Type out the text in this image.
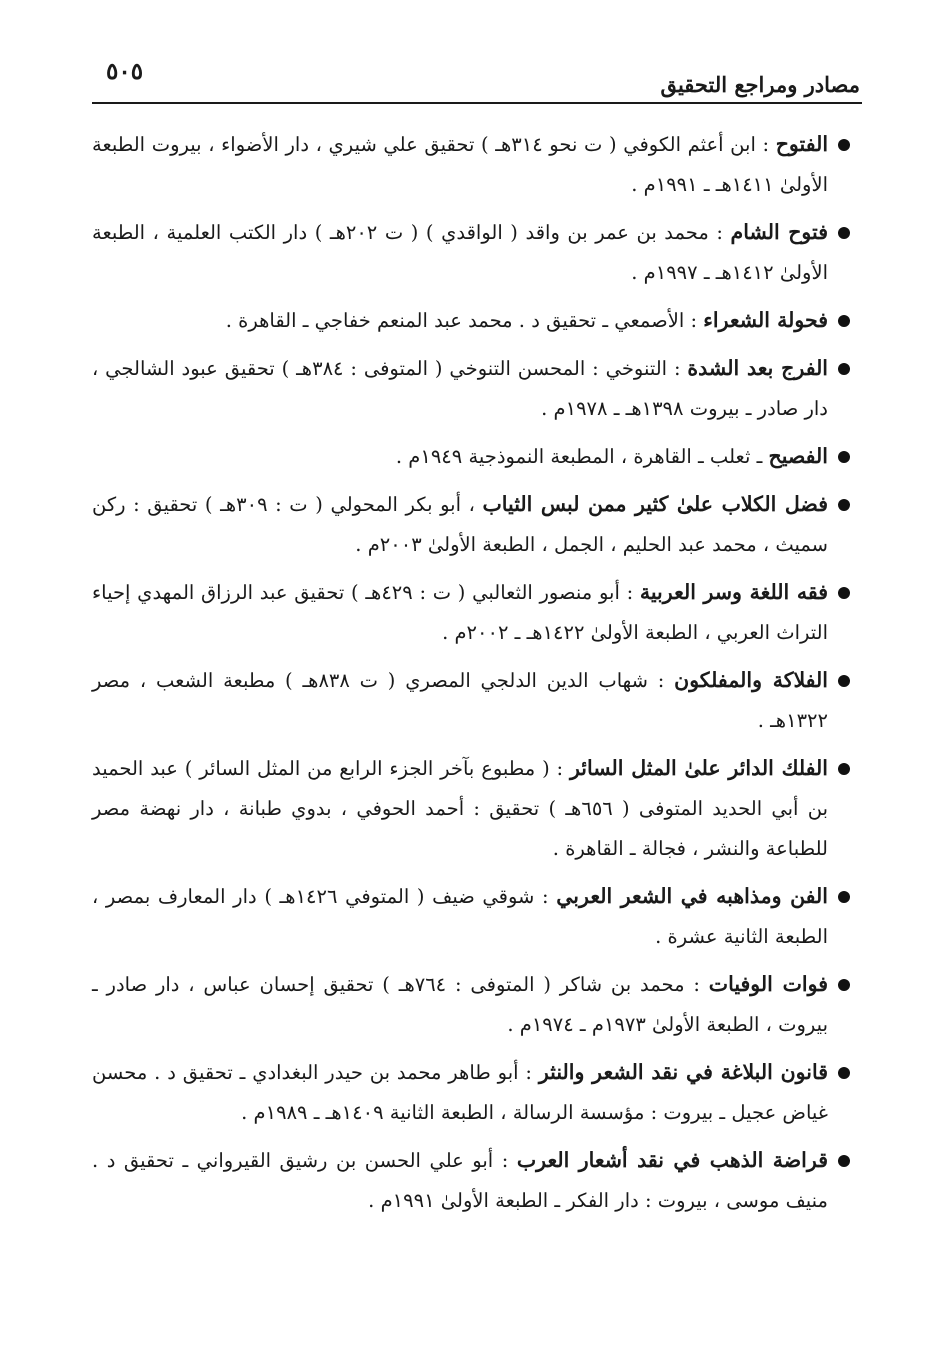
مصادر ومراجع التحقيق
٥٠٥
الفتوح : ابن أعثم الكوفي ( ت نحو ٣١٤هـ ) تحقيق علي شيري ، دار الأضواء ، بيروت الطبعة الأولىٰ ١٤١١هـ ـ ١٩٩١م .
فتوح الشام : محمد بن عمر بن واقد ( الواقدي ) ( ت ٢٠٢هـ ) دار الكتب العلمية ، الطبعة الأولىٰ ١٤١٢هـ ـ ١٩٩٧م .
فحولة الشعراء : الأصمعي ـ تحقيق د . محمد عبد المنعم خفاجي ـ القاهرة .
الفرج بعد الشدة : التنوخي : المحسن التنوخي ( المتوفى : ٣٨٤هـ ) تحقيق عبود الشالجي ، دار صادر ـ بيروت ١٣٩٨هـ ـ ١٩٧٨م .
الفصيح ـ ثعلب ـ القاهرة ، المطبعة النموذجية ١٩٤٩م .
فضل الكلاب علىٰ كثير ممن لبس الثياب ، أبو بكر المحولي ( ت : ٣٠٩هـ ) تحقيق : ركن سميث ، محمد عبد الحليم ، الجمل ، الطبعة الأولىٰ ٢٠٠٣م .
فقه اللغة وسر العربية : أبو منصور الثعالبي ( ت : ٤٢٩هـ ) تحقيق عبد الرزاق المهدي إحياء التراث العربي ، الطبعة الأولىٰ ١٤٢٢هـ ـ ٢٠٠٢م .
الفلاكة والمفلكون : شهاب الدين الدلجي المصري ( ت ٨٣٨هـ ) مطبعة الشعب ، مصر ١٣٢٢هـ .
الفلك الدائر علىٰ المثل السائر : ( مطبوع بآخر الجزء الرابع من المثل السائر ) عبد الحميد بن أبي الحديد المتوفى ( ٦٥٦هـ ) تحقيق : أحمد الحوفي ، بدوي طبانة ، دار نهضة مصر للطباعة والنشر ، فجالة ـ القاهرة .
الفن ومذاهبه في الشعر العربي : شوقي ضيف ( المتوفي ١٤٢٦هـ ) دار المعارف بمصر ، الطبعة الثانية عشرة .
فوات الوفيات : محمد بن شاكر ( المتوفى : ٧٦٤هـ ) تحقيق إحسان عباس ، دار صادر ـ بيروت ، الطبعة الأولىٰ ١٩٧٣م ـ ١٩٧٤م .
قانون البلاغة في نقد الشعر والنثر : أبو طاهر محمد بن حيدر البغدادي ـ تحقيق د . محسن غياض عجيل ـ بيروت : مؤسسة الرسالة ، الطبعة الثانية ١٤٠٩هـ ـ ١٩٨٩م .
قراضة الذهب في نقد أشعار العرب : أبو علي الحسن بن رشيق القيرواني ـ تحقيق د . منيف موسى ، بيروت : دار الفكر ـ الطبعة الأولىٰ ١٩٩١م .
